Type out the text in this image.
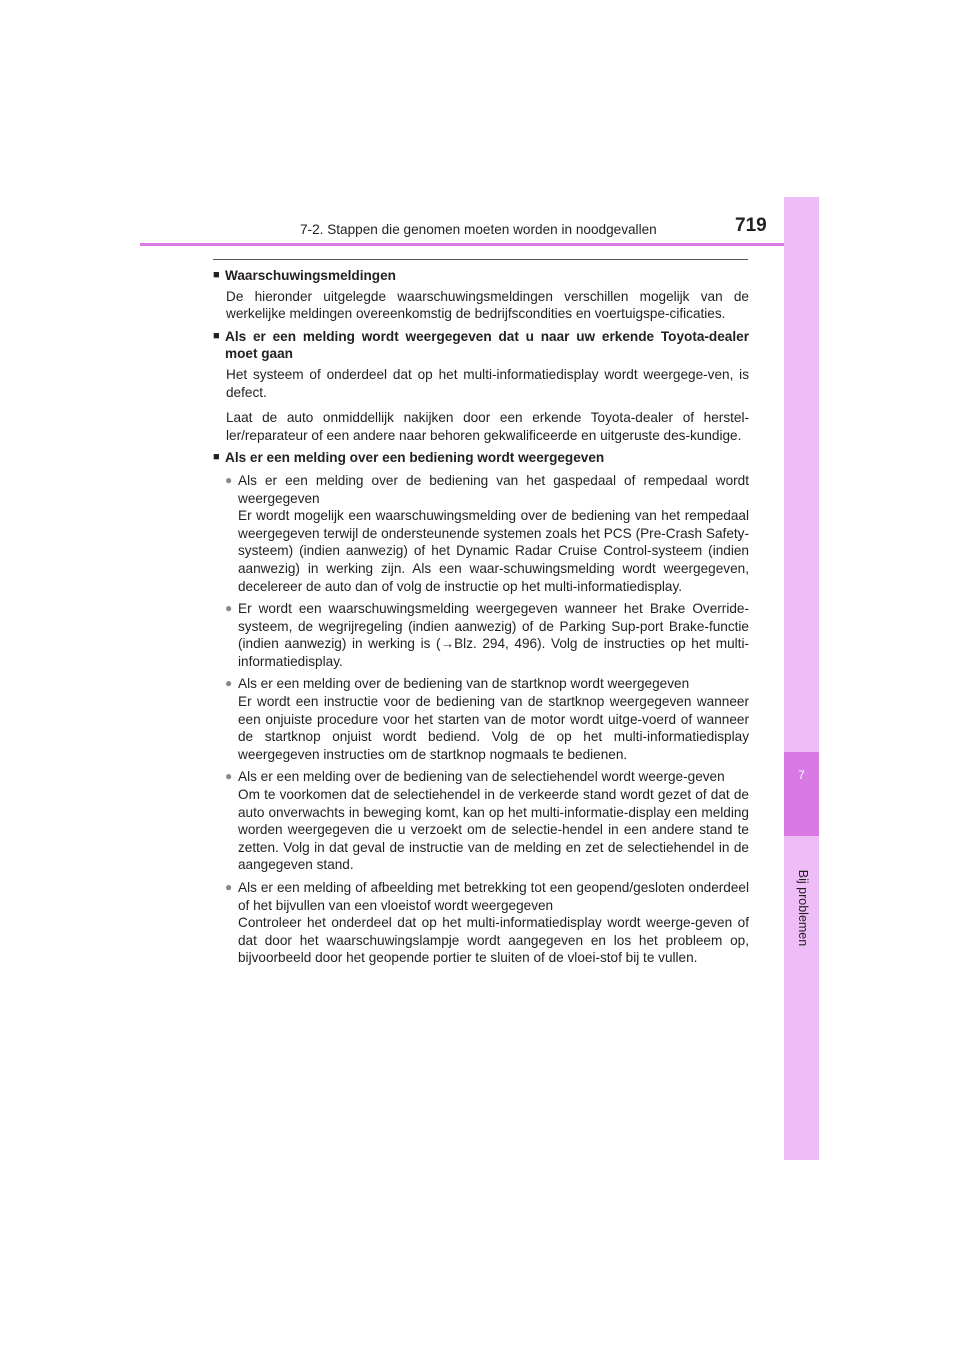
7
Bij problemen
7-2. Stappen die genomen moeten worden in noodgevallen	719
■ Waarschuwingsmeldingen
De hieronder uitgelegde waarschuwingsmeldingen verschillen mogelijk van de werkelijke meldingen overeenkomstig de bedrijfscondities en voertuigspe-cificaties.
■ Als er een melding wordt weergegeven dat u naar uw erkende Toyota-dealer moet gaan
Het systeem of onderdeel dat op het multi-informatiedisplay wordt weergege-ven, is defect.
Laat de auto onmiddellijk nakijken door een erkende Toyota-dealer of herstel-ler/reparateur of een andere naar behoren gekwalificeerde en uitgeruste des-kundige.
■ Als er een melding over een bediening wordt weergegeven
● Als er een melding over de bediening van het gaspedaal of rempedaal wordt weergegeven
Er wordt mogelijk een waarschuwingsmelding over de bediening van het rempedaal weergegeven terwijl de ondersteunende systemen zoals het PCS (Pre-Crash Safety-systeem) (indien aanwezig) of het Dynamic Radar Cruise Control-systeem (indien aanwezig) in werking zijn. Als een waar-schuwingsmelding wordt weergegeven, decelereer de auto dan of volg de instructie op het multi-informatiedisplay.
● Er wordt een waarschuwingsmelding weergegeven wanneer het Brake Override-systeem, de wegrijregeling (indien aanwezig) of de Parking Sup-port Brake-functie (indien aanwezig) in werking is (→Blz. 294, 496). Volg de instructies op het multi-informatiedisplay.
● Als er een melding over de bediening van de startknop wordt weergegeven
Er wordt een instructie voor de bediening van de startknop weergegeven wanneer een onjuiste procedure voor het starten van de motor wordt uitge-voerd of wanneer de startknop onjuist wordt bediend. Volg de op het multi-informatiedisplay weergegeven instructies om de startknop nogmaals te bedienen.
● Als er een melding over de bediening van de selectiehendel wordt weerge-geven
Om te voorkomen dat de selectiehendel in de verkeerde stand wordt gezet of dat de auto onverwachts in beweging komt, kan op het multi-informatie-display een melding worden weergegeven die u verzoekt om de selectie-hendel in een andere stand te zetten. Volg in dat geval de instructie van de melding en zet de selectiehendel in de aangegeven stand.
● Als er een melding of afbeelding met betrekking tot een geopend/gesloten onderdeel of het bijvullen van een vloeistof wordt weergegeven
Controleer het onderdeel dat op het multi-informatiedisplay wordt weerge-geven of dat door het waarschuwingslampje wordt aangegeven en los het probleem op, bijvoorbeeld door het geopende portier te sluiten of de vloei-stof bij te vullen.
